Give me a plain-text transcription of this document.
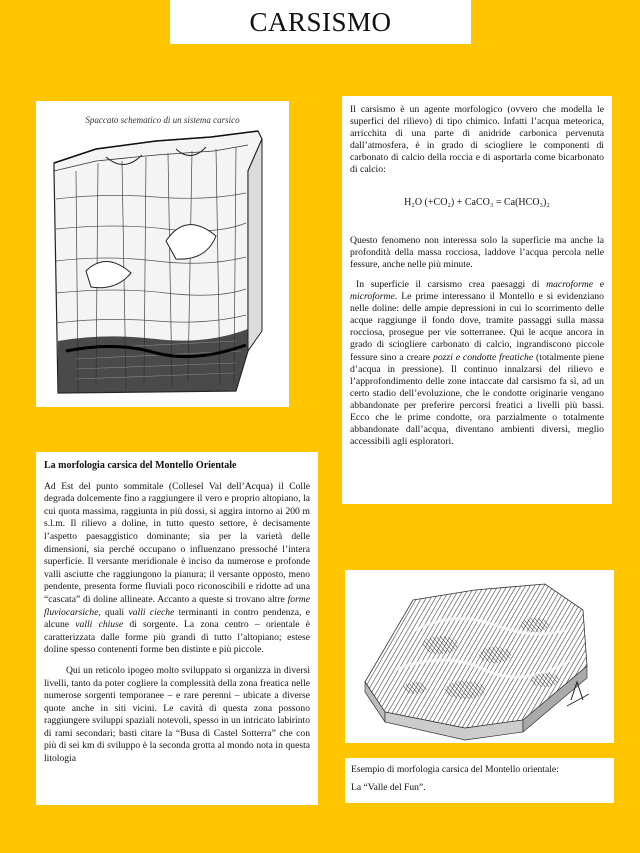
CARSISMO
Spaccato schematico di un sistema carsico

Il carsismo è un agente morfologico (ovvero che modella le superfici del rilievo) di tipo chimico. Infatti l’acqua meteorica, arricchita di una parte di anidride carbonica pervenuta dall’atmosfera, è in grado di sciogliere le componenti di carbonato di calcio della roccia e di asportarla come bicarbonato di calcio:

H₂O (+CO₂) + CaCO₃ = Ca(HCO₃)₂

Questo fenomeno non interessa solo la superficie ma anche la profondità della massa rocciosa, laddove l’acqua percola nelle fessure, anche nelle più minute.

In superficie il carsismo crea paesaggi di macroforme e microforme. Le prime interessano il Montello e si evidenziano nelle doline: delle ampie depressioni in cui lo scorrimento delle acque raggiunge il fondo dove, tramite passaggi sulla massa rocciosa, prosegue per vie sotterranee. Qui le acque ancora in grado di sciogliere carbonato di calcio, ingrandiscono piccole fessure sino a creare pozzi e condotte freatiche (totalmente piene d’acqua in pressione). Il continuo innalzarsi del rilievo e l’approfondimento delle zone intaccate dal carsismo fa sì, ad un certo stadio dell’evoluzione, che le condotte originarie vengano abbandonate per preferire percorsi freatici a livelli più bassi. Ecco che le prime condotte, ora parzialmente o totalmente abbandonate dall’acqua, diventano ambienti diversi, meglio accessibili agli esploratori.

La morfologia carsica del Montello Orientale

Ad Est del punto sommitale (Collesel Val dell’Acqua) il Colle degrada dolcemente fino a raggiungere il vero e proprio altopiano, la cui quota massima, raggiunta in più dossi, si aggira intorno ai 200 m s.l.m. Il rilievo a doline, in tutto questo settore, è decisamente l’aspetto paesaggistico dominante; sia per la varietà delle dimensioni, sia perché occupano o influenzano pressoché l’intera superficie. Il versante meridionale è inciso da numerose e profonde valli asciutte che raggiungono la pianura; il versante opposto, meno pendente, presenta forme fluviali poco riconoscibili e ridotte ad una “cascata” di doline allineate. Accanto a queste si trovano altre forme fluviocarsiche, quali valli cieche terminanti in contro pendenza, e alcune valli chiuse di sorgente. La zona centro – orientale è caratterizzata dalle forme più grandi di tutto l’altopiano; estese doline spesso contenenti forme ben distinte e più piccole.

Qui un reticolo ipogeo molto sviluppato si organizza in diversi livelli, tanto da poter cogliere la complessità della zona freatica nelle numerose sorgenti temporanee – e rare perenni – ubicate a diverse quote anche in siti vicini. Le cavità di questa zona possono raggiungere sviluppi spaziali notevoli, spesso in un intricato labirinto di rami secondari; basti citare la “Busa di Castel Sotterra” che con più di sei km di sviluppo è la seconda grotta al mondo nota in questa litologia

Esempio di morfologia carsica del Montello orientale:

La “Valle del Fun”.
